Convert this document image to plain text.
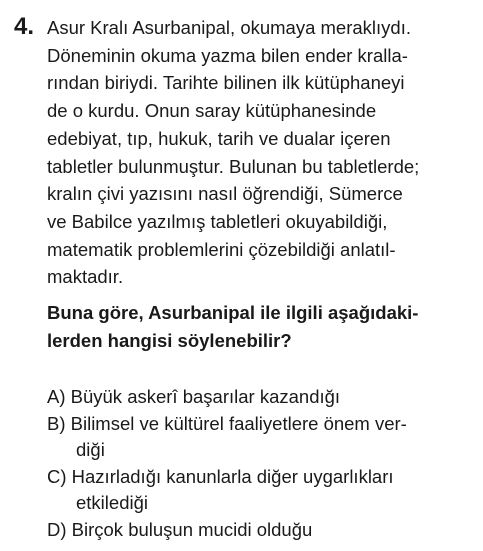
4. Asur Kralı Asurbanipal, okumaya meraklıydı.
Döneminin okuma yazma bilen ender kralla-
rından biriydi. Tarihte bilinen ilk kütüphaneyi
de o kurdu. Onun saray kütüphanesinde
edebiyat, tıp, hukuk, tarih ve dualar içeren
tabletler bulunmuştur. Bulunan bu tabletlerde;
kralın çivi yazısını nasıl öğrendiği, Sümerce
ve Babilce yazılmış tabletleri okuyabildiği,
matematik problemlerini çözebildiği anlatıl-
maktadır.
Buna göre, Asurbanipal ile ilgili aşağıdaki-
lerden hangisi söylenebilir?
A) Büyük askerî başarılar kazandığı
B) Bilimsel ve kültürel faaliyetlere önem ver-
diği
C) Hazırladığı kanunlarla diğer uygarlıkları
etkilediği
D) Birçok buluşun mucidi olduğu
